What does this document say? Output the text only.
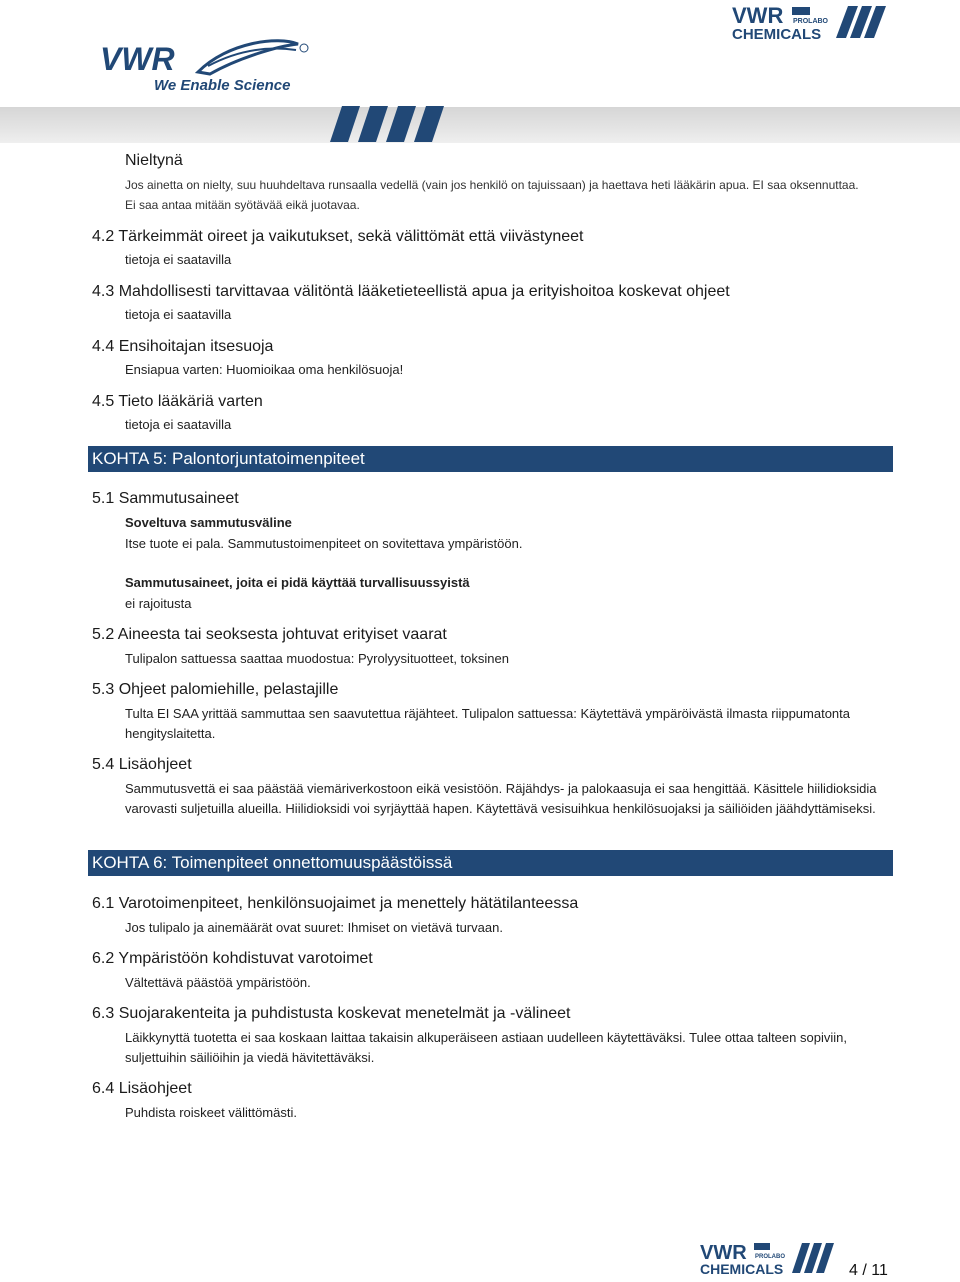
VWR PROLABO
CHEMICALS
VWR
We Enable Science
Nieltynä
Jos ainetta on nielty, suu huuhdeltava runsaalla vedellä (vain jos henkilö on tajuissaan) ja haettava heti lääkärin apua. EI saa oksennuttaa. Ei saa antaa mitään syötävää eikä juotavaa.
4.2 Tärkeimmät oireet ja vaikutukset, sekä välittömät että viivästyneet
tietoja ei saatavilla
4.3 Mahdollisesti tarvittavaa välitöntä lääketieteellistä apua ja erityishoitoa koskevat ohjeet
tietoja ei saatavilla
4.4 Ensihoitajan itsesuoja
Ensiapua varten: Huomioikaa oma henkilösuoja!
4.5 Tieto lääkäriä varten
tietoja ei saatavilla
KOHTA 5: Palontorjuntatoimenpiteet
5.1 Sammutusaineet
Soveltuva sammutusväline
Itse tuote ei pala. Sammutustoimenpiteet on sovitettava ympäristöön.
Sammutusaineet, joita ei pidä käyttää turvallisuussyistä
ei rajoitusta
5.2 Aineesta tai seoksesta johtuvat erityiset vaarat
Tulipalon sattuessa saattaa muodostua: Pyrolyysituotteet, toksinen
5.3 Ohjeet palomiehille, pelastajille
Tulta EI SAA yrittää sammuttaa sen saavutettua räjähteet. Tulipalon sattuessa: Käytettävä ympäröivästä ilmasta riippumatonta hengityslaitetta.
5.4 Lisäohjeet
Sammutusvettä ei saa päästää viemäriverkostoon eikä vesistöön. Räjähdys- ja palokaasuja ei saa hengittää. Käsittele hiilidioksidia varovasti suljetuilla alueilla. Hiilidioksidi voi syrjäyttää hapen. Käytettävä vesisuihkua henkilösuojaksi ja säiliöiden jäähdyttämiseksi.
KOHTA 6: Toimenpiteet onnettomuuspäästöissä
6.1 Varotoimenpiteet, henkilönsuojaimet ja menettely hätätilanteessa
Jos tulipalo ja ainemäärät ovat suuret: Ihmiset on vietävä turvaan.
6.2 Ympäristöön kohdistuvat varotoimet
Vältettävä päästöä ympäristöön.
6.3 Suojarakenteita ja puhdistusta koskevat menetelmät ja -välineet
Läikkynyttä tuotetta ei saa koskaan laittaa takaisin alkuperäiseen astiaan uudelleen käytettäväksi. Tulee ottaa talteen sopiviin, suljettuihin säiliöihin ja viedä hävitettäväksi.
6.4 Lisäohjeet
Puhdista roiskeet välittömästi.
VWR PROLABO
CHEMICALS	4 / 11
